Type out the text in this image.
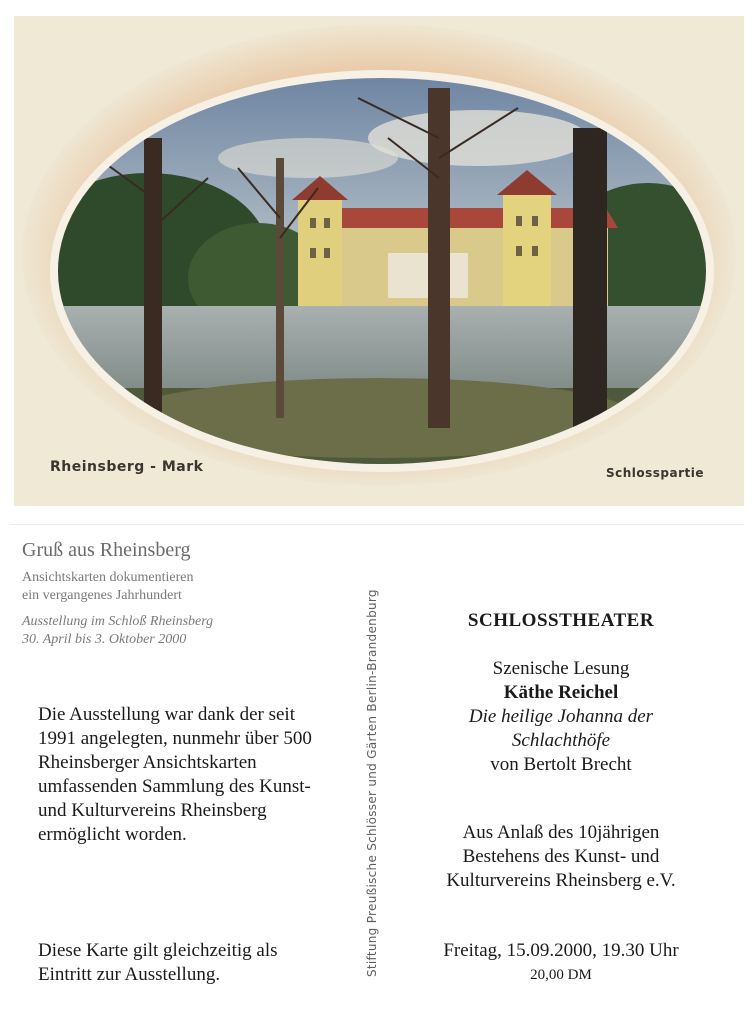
Rheinsberg - Mark	Schlosspartie
Gruß aus Rheinsberg
Ansichtskarten dokumentieren
ein vergangenes Jahrhundert
Ausstellung im Schloß Rheinsberg
30. April bis 3. Oktober 2000
Die Ausstellung war dank der seit
1991 angelegten, nunmehr über 500
Rheinsberger Ansichtskarten
umfassenden Sammlung des Kunst-
und Kulturvereins Rheinsberg
ermöglicht worden.
Diese Karte gilt gleichzeitig als
Eintritt zur Ausstellung.	Stiftung Preußische Schlösser und Gärten Berlin-Brandenburg	SCHLOSSTHEATER
Szenische Lesung
Käthe Reichel
Die heilige Johanna der
Schlachthöfe
von Bertolt Brecht
Aus Anlaß des 10jährigen
Bestehens des Kunst- und
Kulturvereins Rheinsberg e.V.
Freitag, 15.09.2000, 19.30 Uhr
20,00 DM
